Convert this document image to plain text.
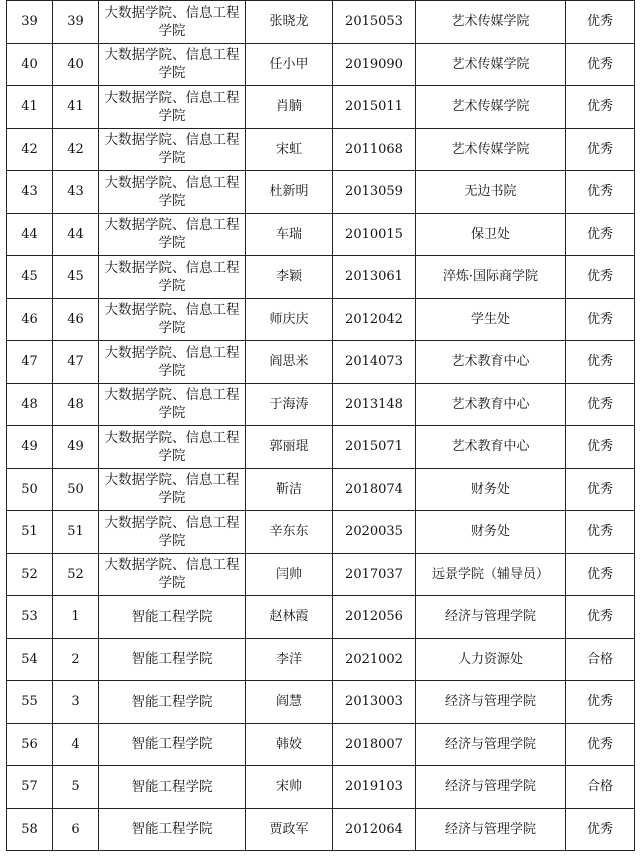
39	39	大数据学院、信息工程学院	张晓龙	2015053	艺术传媒学院	优秀
40	40	大数据学院、信息工程学院	任小甲	2019090	艺术传媒学院	优秀
41	41	大数据学院、信息工程学院	肖腩	2015011	艺术传媒学院	优秀
42	42	大数据学院、信息工程学院	宋虹	2011068	艺术传媒学院	优秀
43	43	大数据学院、信息工程学院	杜新明	2013059	无边书院	优秀
44	44	大数据学院、信息工程学院	车瑞	2010015	保卫处	优秀
45	45	大数据学院、信息工程学院	李颖	2013061	淬炼·国际商学院	优秀
46	46	大数据学院、信息工程学院	师庆庆	2012042	学生处	优秀
47	47	大数据学院、信息工程学院	阎思米	2014073	艺术教育中心	优秀
48	48	大数据学院、信息工程学院	于海涛	2013148	艺术教育中心	优秀
49	49	大数据学院、信息工程学院	郭丽琨	2015071	艺术教育中心	优秀
50	50	大数据学院、信息工程学院	靳洁	2018074	财务处	优秀
51	51	大数据学院、信息工程学院	辛东东	2020035	财务处	优秀
52	52	大数据学院、信息工程学院	闫帅	2017037	远景学院（辅导员）	优秀
53	1	智能工程学院	赵林霞	2012056	经济与管理学院	优秀
54	2	智能工程学院	李洋	2021002	人力资源处	合格
55	3	智能工程学院	阎慧	2013003	经济与管理学院	优秀
56	4	智能工程学院	韩姣	2018007	经济与管理学院	优秀
57	5	智能工程学院	宋帅	2019103	经济与管理学院	合格
58	6	智能工程学院	贾政军	2012064	经济与管理学院	优秀
